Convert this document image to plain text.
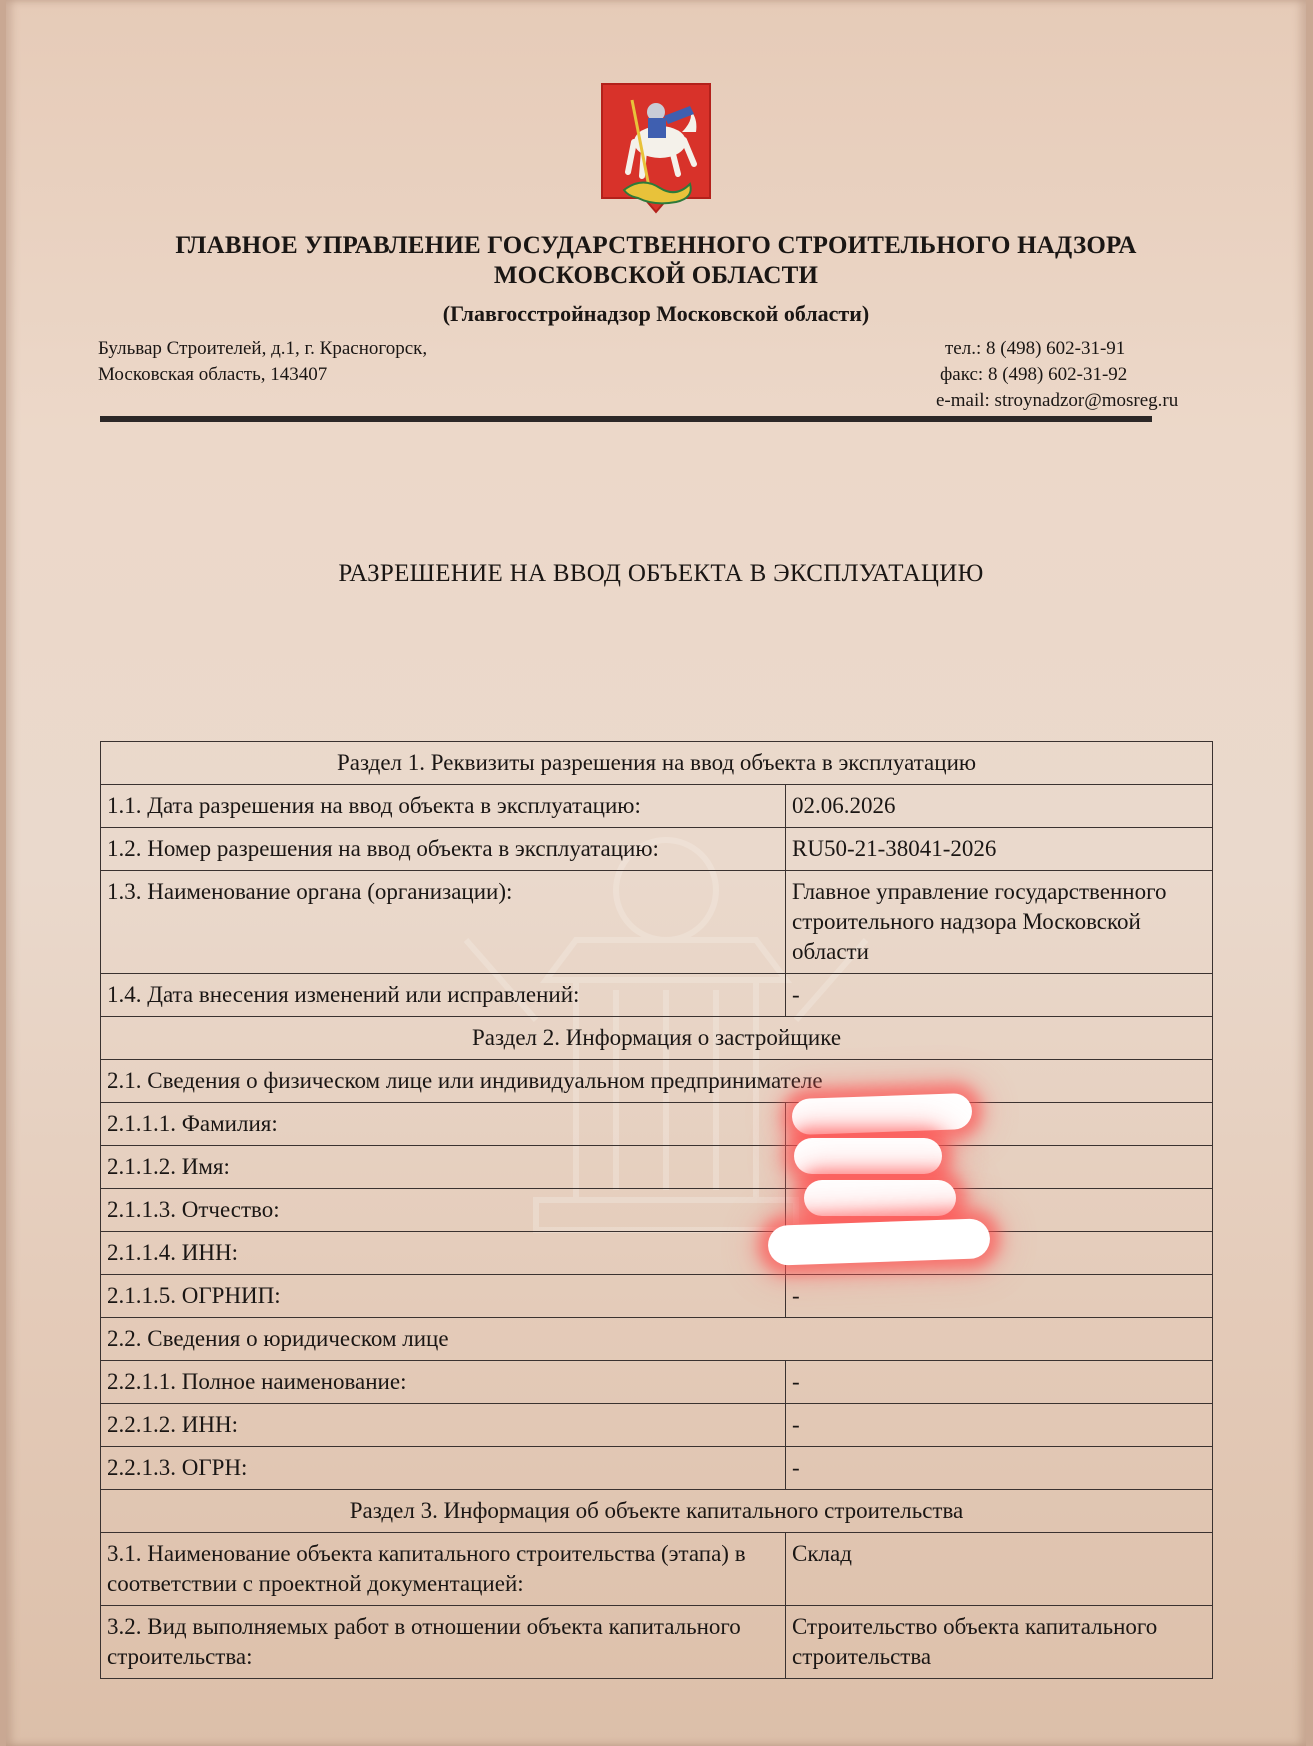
ГЛАВНОЕ УПРАВЛЕНИЕ ГОСУДАРСТВЕННОГО СТРОИТЕЛЬНОГО НАДЗОРА
МОСКОВСКОЙ ОБЛАСТИ
(Главгосстройнадзор Московской области)
Бульвар Строителей, д.1, г. Красногорск,
Московская область, 143407
тел.: 8 (498) 602-31-91
факс: 8 (498) 602-31-92
e-mail: stroynadzor@mosreg.ru
РАЗРЕШЕНИЕ НА ВВОД ОБЪЕКТА В ЭКСПЛУАТАЦИЮ
Раздел 1. Реквизиты разрешения на ввод объекта в эксплуатацию	
1.1. Дата разрешения на ввод объекта в эксплуатацию:	02.06.2026
1.2. Номер разрешения на ввод объекта в эксплуатацию:	RU50-21-38041-2026
1.3. Наименование органа (организации):	Главное управление государственного строительного надзора Московской области
1.4. Дата внесения изменений или исправлений:	-
Раздел 2. Информация о застройщике	
2.1. Сведения о физическом лице или индивидуальном предпринимателе	
2.1.1.1. Фамилия:	
2.1.1.2. Имя:	
2.1.1.3. Отчество:	
2.1.1.4. ИНН:	
2.1.1.5. ОГРНИП:	-
2.2. Сведения о юридическом лице	
2.2.1.1. Полное наименование:	-
2.2.1.2. ИНН:	-
2.2.1.3. ОГРН:	-
Раздел 3. Информация об объекте капитального строительства	
3.1. Наименование объекта капитального строительства (этапа) в соответствии с проектной документацией:	Склад
3.2. Вид выполняемых работ в отношении объекта капитального строительства:	Строительство объекта капитального строительства
